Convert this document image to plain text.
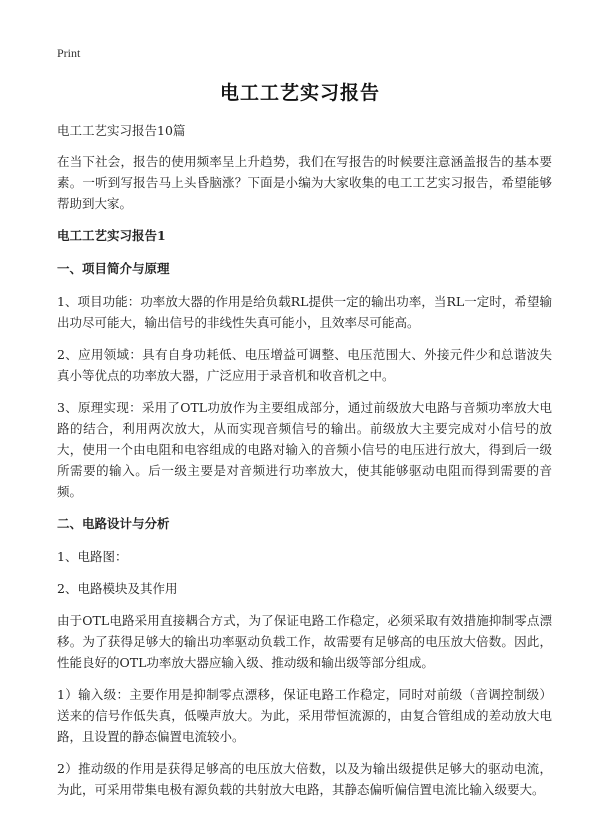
Print
电工工艺实习报告

电工工艺实习报告10篇

在当下社会，报告的使用频率呈上升趋势，我们在写报告的时候要注意涵盖报告的基本要素。一听到写报告马上头昏脑涨？下面是小编为大家收集的电工工艺实习报告，希望能够帮助到大家。

电工工艺实习报告1

一、项目简介与原理

1、项目功能：功率放大器的作用是给负载RL提供一定的输出功率，当RL一定时，希望输出功尽可能大，输出信号的非线性失真可能小，且效率尽可能高。

2、应用领域：具有自身功耗低、电压增益可调整、电压范围大、外接元件少和总谐波失真小等优点的功率放大器，广泛应用于录音机和收音机之中。

3、原理实现：采用了OTL功放作为主要组成部分，通过前级放大电路与音频功率放大电路的结合，利用两次放大，从而实现音频信号的输出。前级放大主要完成对小信号的放大，使用一个由电阻和电容组成的电路对输入的音频小信号的电压进行放大，得到后一级所需要的输入。后一级主要是对音频进行功率放大，使其能够驱动电阻而得到需要的音频。

二、电路设计与分析

1、电路图：

2、电路模块及其作用

由于OTL电路采用直接耦合方式，为了保证电路工作稳定，必须采取有效措施抑制零点漂移。为了获得足够大的输出功率驱动负载工作，故需要有足够高的电压放大倍数。因此，性能良好的OTL功率放大器应输入级、推动级和输出级等部分组成。

1）输入级：主要作用是抑制零点漂移，保证电路工作稳定，同时对前级（音调控制级）送来的信号作低失真，低噪声放大。为此，采用带恒流源的，由复合管组成的差动放大电路，且设置的静态偏置电流较小。

2）推动级的作用是获得足够高的电压放大倍数，以及为输出级提供足够大的驱动电流，为此，可采用带集电极有源负载的共射放大电路，其静态偏听偏信置电流比输入级要大。
